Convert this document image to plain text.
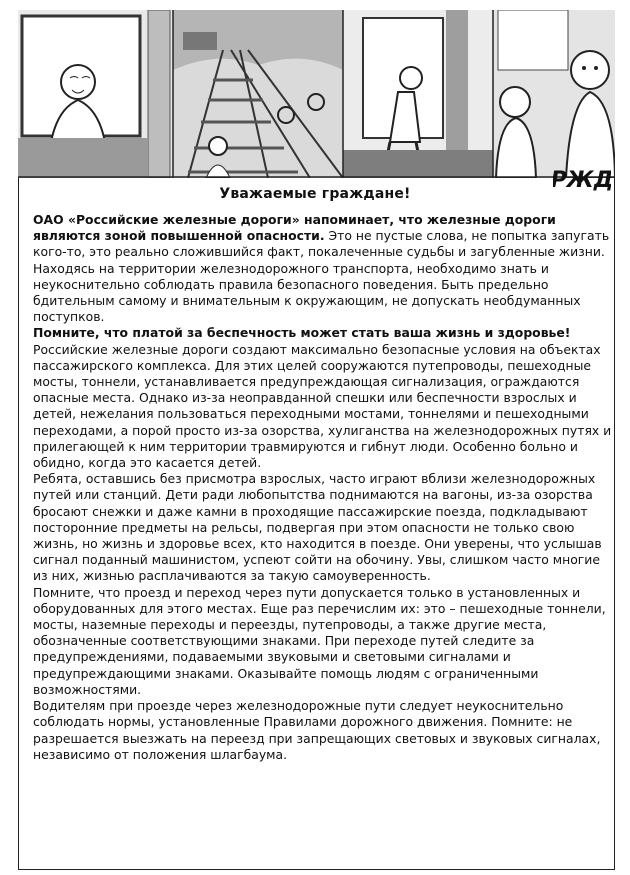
РЖД
Уважаемые граждане!

ОАО «Российские железные дороги» напоминает, что железные дороги являются зоной повышенной опасности. Это не пустые слова, не попытка запугать кого-то, это реально сложившийся факт, покалеченные судьбы и загубленные жизни. Находясь на территории железнодорожного транспорта, необходимо знать и неукоснительно соблюдать правила безопасного поведения. Быть предельно бдительным самому и внимательным к окружающим, не допускать необдуманных поступков.

Помните, что платой за беспечность может стать ваша жизнь и здоровье!

Российские железные дороги создают максимально безопасные условия на объектах пассажирского комплекса. Для этих целей сооружаются путепроводы, пешеходные мосты, тоннели, устанавливается предупреждающая сигнализация, ограждаются опасные места. Однако из-за неоправданной спешки или беспечности взрослых и детей, нежелания пользоваться переходными мостами, тоннелями и пешеходными переходами, а порой просто из-за озорства, хулиганства на железнодорожных путях и прилегающей к ним территории травмируются и гибнут люди. Особенно больно и обидно, когда это касается детей.

Ребята, оставшись без присмотра взрослых, часто играют вблизи железнодорожных путей или станций. Дети ради любопытства поднимаются на вагоны, из-за озорства бросают снежки и даже камни в проходящие пассажирские поезда, подкладывают посторонние предметы на рельсы, подвергая при этом опасности не только свою жизнь, но жизнь и здоровье всех, кто находится в поезде. Они уверены, что услышав сигнал поданный машинистом, успеют сойти на обочину. Увы, слишком часто многие из них, жизнью расплачиваются за такую самоуверенность.

Помните, что проезд и переход через пути допускается только в установленных и оборудованных для этого местах. Еще раз перечислим их: это – пешеходные тоннели, мосты, наземные переходы и переезды, путепроводы, а также другие места, обозначенные соответствующими знаками. При переходе путей следите за предупреждениями, подаваемыми звуковыми и световыми сигналами и предупреждающими знаками. Оказывайте помощь людям с ограниченными возможностями.

Водителям при проезде через железнодорожные пути следует неукоснительно соблюдать нормы, установленные Правилами дорожного движения. Помните: не разрешается выезжать на переезд при запрещающих световых и звуковых сигналах, независимо от положения шлагбаума.
